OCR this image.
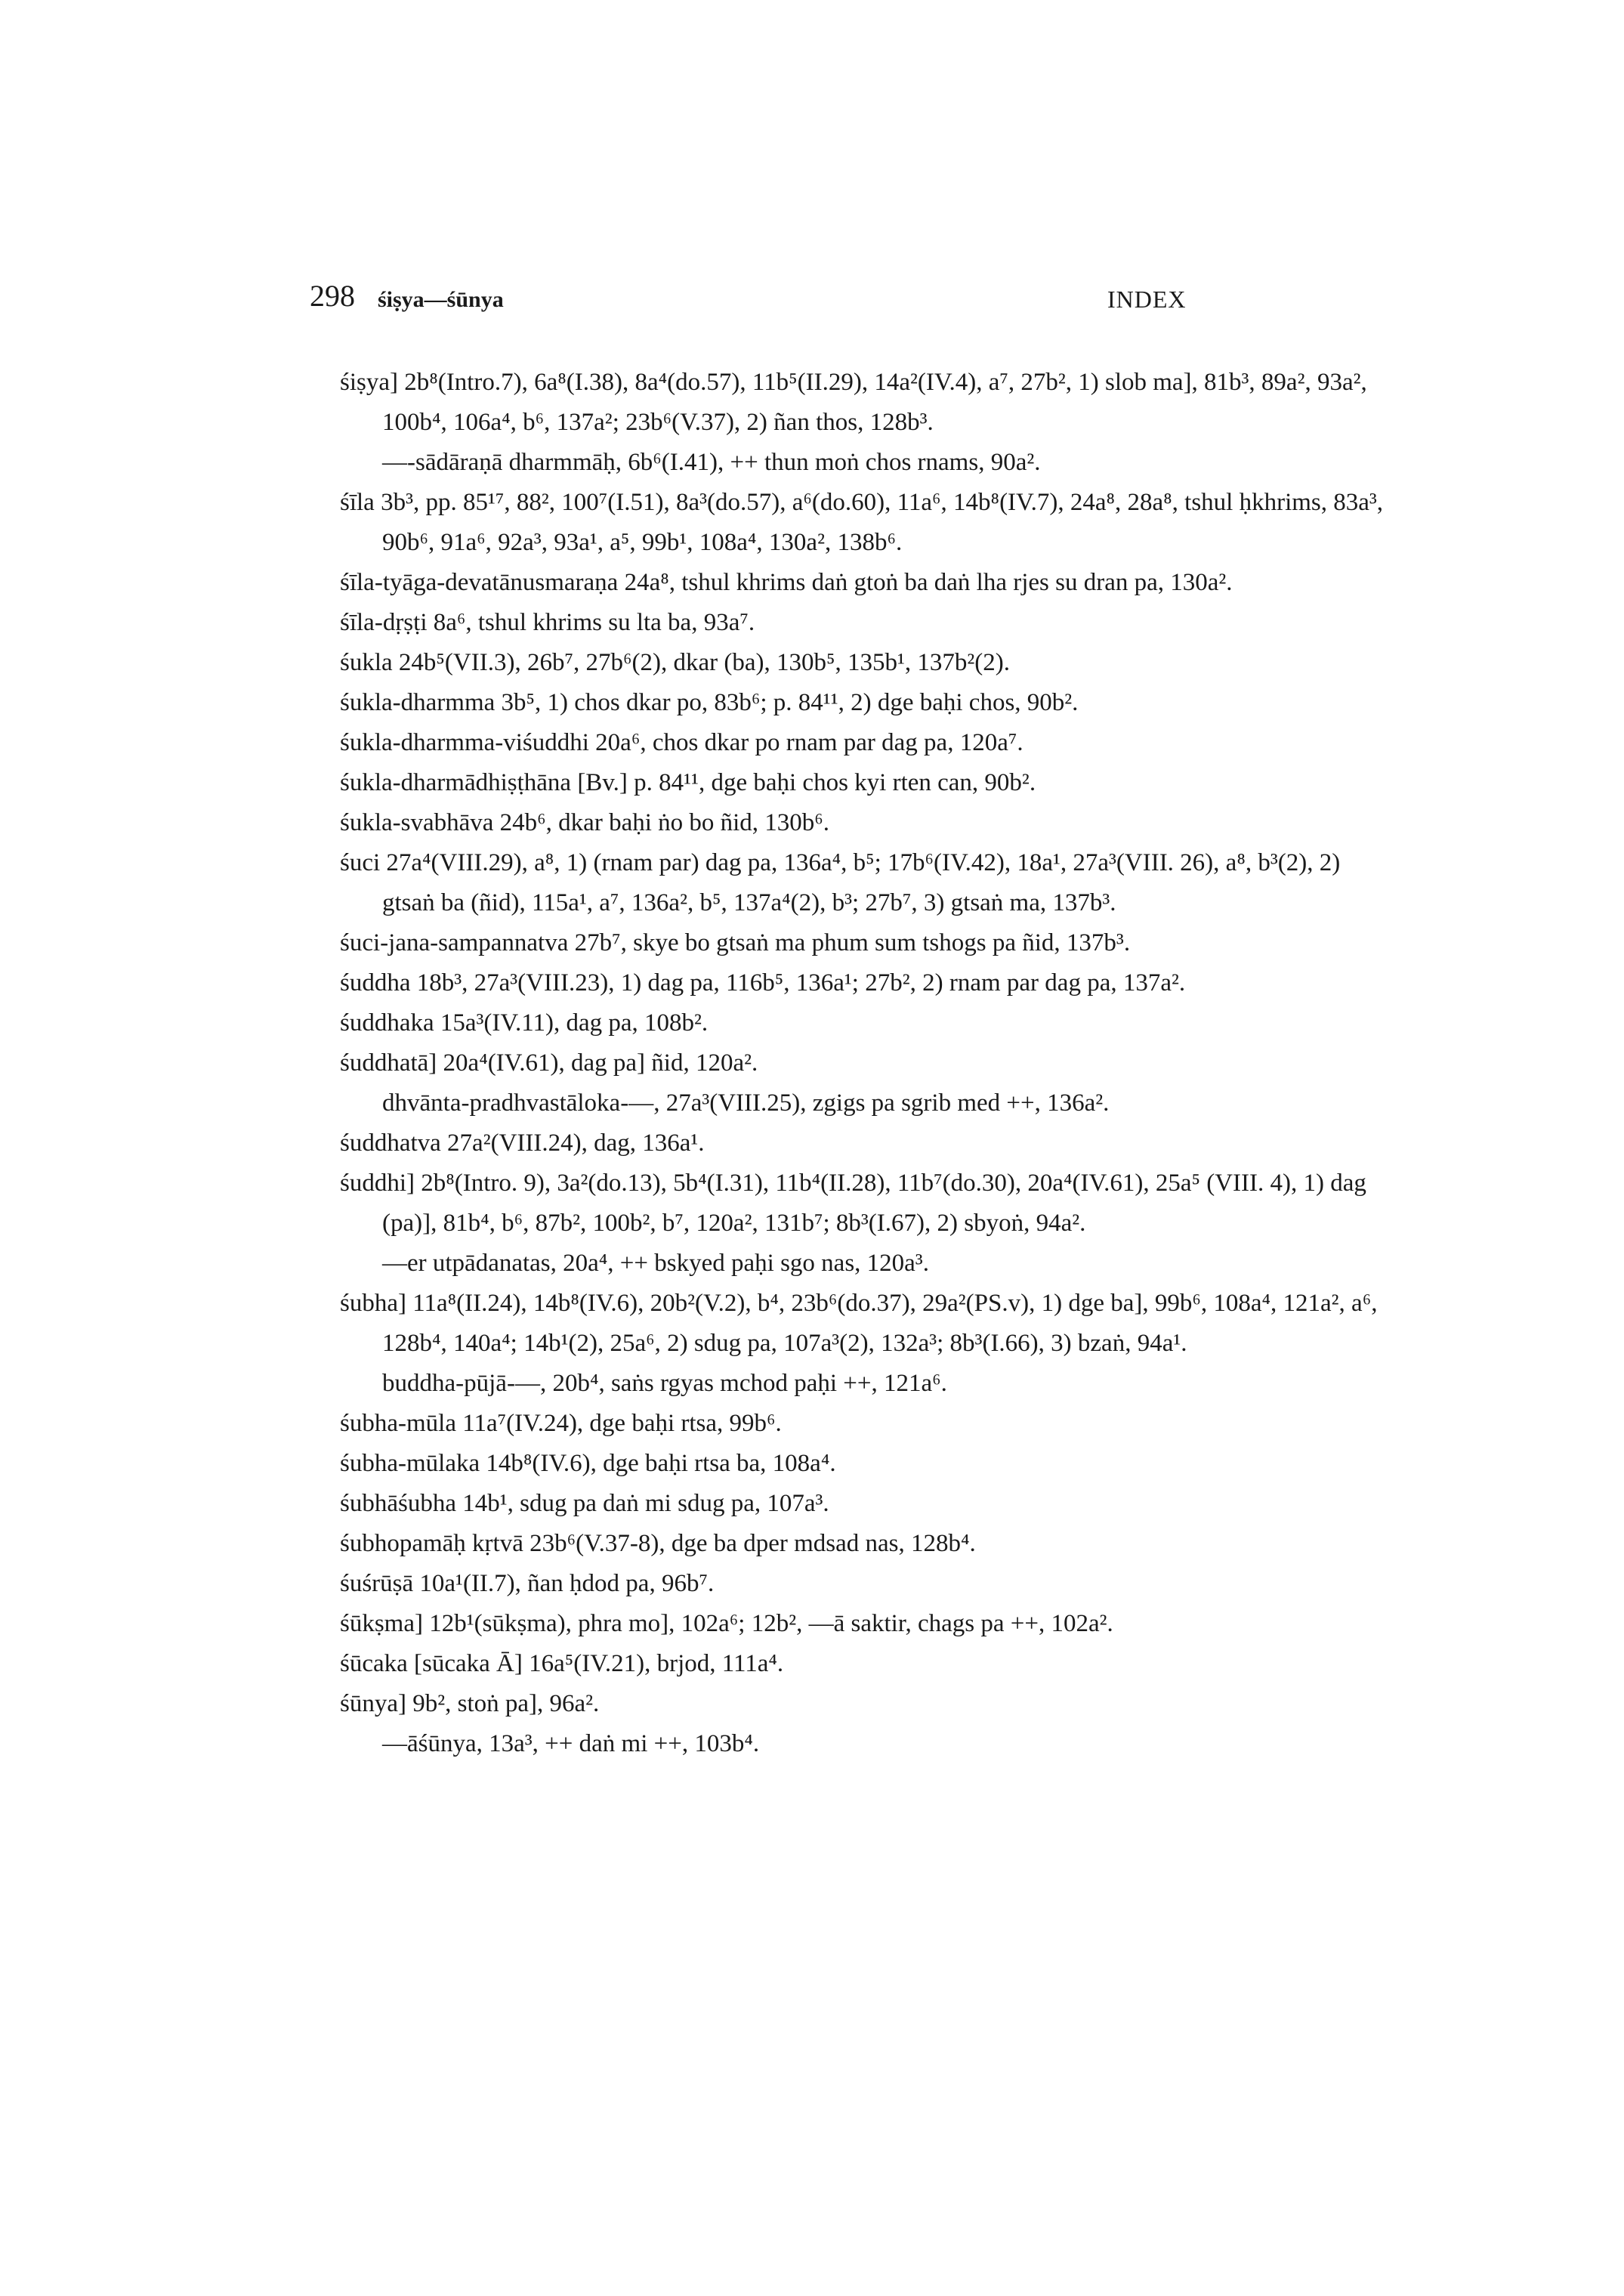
298 śiṣya—śūnya	INDEX

śiṣya] 2b⁸(Intro.7), 6a⁸(I.38), 8a⁴(do.57), 11b⁵(II.29), 14a²(IV.4), a⁷, 27b², 1) slob ma], 81b³, 89a², 93a², 100b⁴, 106a⁴, b⁶, 137a²; 23b⁶(V.37), 2) ñan thos, 128b³.

—-sādāraṇā dharmmāḥ, 6b⁶(I.41), ++ thun moṅ chos rnams, 90a².

śīla 3b³, pp. 85¹⁷, 88², 100⁷(I.51), 8a³(do.57), a⁶(do.60), 11a⁶, 14b⁸(IV.7), 24a⁸, 28a⁸, tshul ḥkhrims, 83a³, 90b⁶, 91a⁶, 92a³, 93a¹, a⁵, 99b¹, 108a⁴, 130a², 138b⁶.

śīla-tyāga-devatānusmaraṇa 24a⁸, tshul khrims daṅ gtoṅ ba daṅ lha rjes su dran pa, 130a².

śīla-dṛṣṭi 8a⁶, tshul khrims su lta ba, 93a⁷.

śukla 24b⁵(VII.3), 26b⁷, 27b⁶(2), dkar (ba), 130b⁵, 135b¹, 137b²(2).

śukla-dharmma 3b⁵, 1) chos dkar po, 83b⁶; p. 84¹¹, 2) dge baḥi chos, 90b².

śukla-dharmma-viśuddhi 20a⁶, chos dkar po rnam par dag pa, 120a⁷.

śukla-dharmādhiṣṭhāna [Bv.] p. 84¹¹, dge baḥi chos kyi rten can, 90b².

śukla-svabhāva 24b⁶, dkar baḥi ṅo bo ñid, 130b⁶.

śuci 27a⁴(VIII.29), a⁸, 1) (rnam par) dag pa, 136a⁴, b⁵; 17b⁶(IV.42), 18a¹, 27a³(VIII. 26), a⁸, b³(2), 2) gtsaṅ ba (ñid), 115a¹, a⁷, 136a², b⁵, 137a⁴(2), b³; 27b⁷, 3) gtsaṅ ma, 137b³.

śuci-jana-sampannatva 27b⁷, skye bo gtsaṅ ma phum sum tshogs pa ñid, 137b³.

śuddha 18b³, 27a³(VIII.23), 1) dag pa, 116b⁵, 136a¹; 27b², 2) rnam par dag pa, 137a².

śuddhaka 15a³(IV.11), dag pa, 108b².

śuddhatā] 20a⁴(IV.61), dag pa] ñid, 120a².

dhvānta-pradhvastāloka-—, 27a³(VIII.25), zgigs pa sgrib med ++, 136a².

śuddhatva 27a²(VIII.24), dag, 136a¹.

śuddhi] 2b⁸(Intro. 9), 3a²(do.13), 5b⁴(I.31), 11b⁴(II.28), 11b⁷(do.30), 20a⁴(IV.61), 25a⁵ (VIII. 4), 1) dag (pa)], 81b⁴, b⁶, 87b², 100b², b⁷, 120a², 131b⁷; 8b³(I.67), 2) sbyoṅ, 94a².

—er utpādanatas, 20a⁴, ++ bskyed paḥi sgo nas, 120a³.

śubha] 11a⁸(II.24), 14b⁸(IV.6), 20b²(V.2), b⁴, 23b⁶(do.37), 29a²(PS.v), 1) dge ba], 99b⁶, 108a⁴, 121a², a⁶, 128b⁴, 140a⁴; 14b¹(2), 25a⁶, 2) sdug pa, 107a³(2), 132a³; 8b³(I.66), 3) bzaṅ, 94a¹.

buddha-pūjā-—, 20b⁴, saṅs rgyas mchod paḥi ++, 121a⁶.

śubha-mūla 11a⁷(IV.24), dge baḥi rtsa, 99b⁶.

śubha-mūlaka 14b⁸(IV.6), dge baḥi rtsa ba, 108a⁴.

śubhāśubha 14b¹, sdug pa daṅ mi sdug pa, 107a³.

śubhopamāḥ kṛtvā 23b⁶(V.37-8), dge ba dper mdsad nas, 128b⁴.

śuśrūṣā 10a¹(II.7), ñan ḥdod pa, 96b⁷.

śūkṣma] 12b¹(sūkṣma), phra mo], 102a⁶; 12b², —ā saktir, chags pa ++, 102a².

śūcaka [sūcaka Ā] 16a⁵(IV.21), brjod, 111a⁴.

śūnya] 9b², stoṅ pa], 96a².

—āśūnya, 13a³, ++ daṅ mi ++, 103b⁴.
